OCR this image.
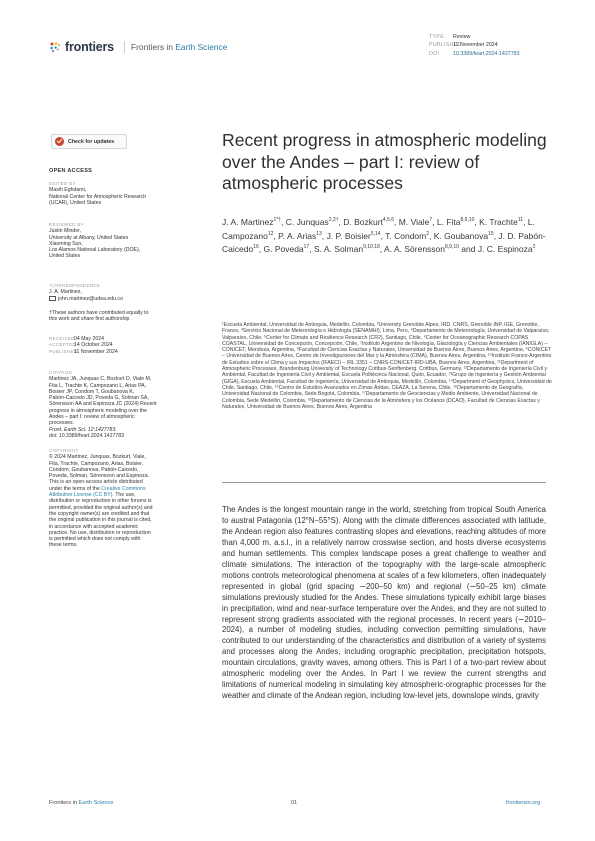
frontiers	Frontiers in Earth Science
TYPE Review
PUBLISHED11 November 2024
DOI	10.3389/feart.2024.1427783
Check for updates
OPEN ACCESS
EDITED BY
Masih Eghdami,
National Center for Atmospheric Research
(UCAR), United States
REVIEWED BY
Justin Minder,
University at Albany, United States
Xiaoming Sun,
Los Alamos National Laboratory (DOE),
United States
*CORRESPONDENCE
J. A. Martinez,
john.martinez@udea.edu.co
†These authors have contributed equally to
this work and share first authorship
RECEIVED04 May 2024
ACCEPTED14 October 2024
PUBLISHED11 November 2024
CITATION
Martinez JA, Junquas C, Bozkurt D, Viale M,
Fita L, Trachte K, Campozano L, Arias PA,
Boisier JP, Condom T, Goubanova K,
Pabón-Caicedo JD, Poveda G, Solman SA,
Sörensson AA and Espinoza JC (2024) Recent
progress in atmospheric modeling over the
Andes – part I: review of atmospheric
processes.
Front. Earth Sci. 12:1427783.
doi: 10.3389/feart.2024.1427783
COPYRIGHT
© 2024 Martinez, Junquas, Bozkurt, Viale,
Fita, Trachte, Campozano, Arias, Boisier,
Condom, Goubanova, Pabón-Caicedo,
Poveda, Solman, Sörensson and Espinoza.
This is an open-access article distributed
under the terms of the Creative Commons
Attribution License (CC BY). The use,
distribution or reproduction in other forums is
permitted, provided the original author(s) and
the copyright owner(s) are credited and that
the original publication in this journal is cited,
in accordance with accepted academic
practice. No use, distribution or reproduction
is permitted which does not comply with
these terms.
Recent progress in atmospheric modeling over the Andes – part I: review of atmospheric processes
J. A. Martinez$^{1*\dagger}$, C. Junquas$^{2,3\dagger}$, D. Bozkurt$^{4,5,6}$, M. Viale$^7$, L. Fita$^{8,9,10}$, K. Trachte$^{11}$, L. Campozano$^{12}$, P. A. Arias$^{13}$, J. P. Boisier$^{5,14}$, T. Condom$^2$, K. Goubanova$^{15}$, J. D. Pabón-Caicedo$^{16}$, G. Poveda$^{17}$, S. A. Solman$^{9,10,18}$, A. A. Sörensson$^{8,9,10}$ and J. C. Espinoza$^2$
¹Escuela Ambiental, Universidad de Antioquia, Medellín, Colombia, ²University Grenoble Alpes, IRD, CNRS, Grenoble INP, IGE, Grenoble, France, ³Servicio Nacional de Meteorología e Hidrología (SENAMHI), Lima, Peru, ⁴Departamento de Meteorología, Universidad de Valparaíso, Valparaíso, Chile, ⁵Center for Climate and Resilience Research (CR2), Santiago, Chile, ⁶Center for Oceanographic Research COPAS COASTAL, Universidad de Concepción, Concepción, Chile, ⁷Instituto Argentino de Nivología, Glaciología y Ciencias Ambientales (IANIGLA) – CONICET, Mendoza, Argentina, ⁸Facultad de Ciencias Exactas y Naturales, Universidad de Buenos Aires, Buenos Aires, Argentina, ⁹CONICET – Universidad de Buenos Aires, Centro de Investigaciones del Mar y la Atmósfera (CIMA), Buenos Aires, Argentina, ¹⁰Instituto Franco-Argentino de Estudios sobre el Clima y sus Impactos (IFAECI) – IRL 3351 – CNRS-CONICET-IRD-UBA, Buenos Aires, Argentina, ¹¹Department of Atmospheric Processes, Brandenburg University of Technology Cottbus-Senftenberg, Cottbus, Germany, ¹²Departamento de Ingeniería Civil y Ambiental, Facultad de Ingeniería Civil y Ambiental, Escuela Politécnica Nacional, Quito, Ecuador, ¹³Grupo de Ingeniería y Gestión Ambiental (GIGA), Escuela Ambiental, Facultad de Ingeniería, Universidad de Antioquia, Medellín, Colombia, ¹⁴Department of Geophysics, Universidad de Chile, Santiago, Chile, ¹⁵Centro de Estudios Avanzados en Zonas Áridas, CEAZA, La Serena, Chile, ¹⁶Departamento de Geografía, Universidad Nacional de Colombia, Sede Bogotá, Colombia, ¹⁷Departamento de Geociencias y Medio Ambiente, Universidad Nacional de Colombia, Sede Medellín, Colombia, ¹⁸Departamento de Ciencias de la Atmósfera y los Océanos (DCAO), Facultad de Ciencias Exactas y Naturales, Universidad de Buenos Aires, Buenos Aires, Argentina
The Andes is the longest mountain range in the world, stretching from tropical South America to austral Patagonia (12°N–55°S). Along with the climate differences associated with latitude, the Andean region also features contrasting slopes and elevations, reaching altitudes of more than 4,000 m. a.s.l., in a relatively narrow crosswise section, and hosts diverse ecosystems and human settlements. This complex landscape poses a great challenge to weather and climate simulations. The interaction of the topography with the large-scale atmospheric motions controls meteorological phenomena at scales of a few kilometers, often inadequately represented in global (grid spacing ∼200–50 km) and regional (∼50–25 km) climate simulations previously studied for the Andes. These simulations typically exhibit large biases in precipitation, wind and near-surface temperature over the Andes, and they are not suited to represent strong gradients associated with the regional processes. In recent years (∼2010–2024), a number of modeling studies, including convection permitting simulations, have contributed to our understanding of the characteristics and distribution of a variety of systems and processes along the Andes, including orographic precipitation, precipitation hotspots, mountain circulations, gravity waves, among others. This is Part I of a two-part review about atmospheric modeling over the Andes. In Part I we review the current strengths and limitations of numerical modeling in simulating key atmospheric-orographic processes for the weather and climate of the Andean region, including low-level jets, downslope winds, gravity
Frontiers in Earth Science	01	frontiersin.org
